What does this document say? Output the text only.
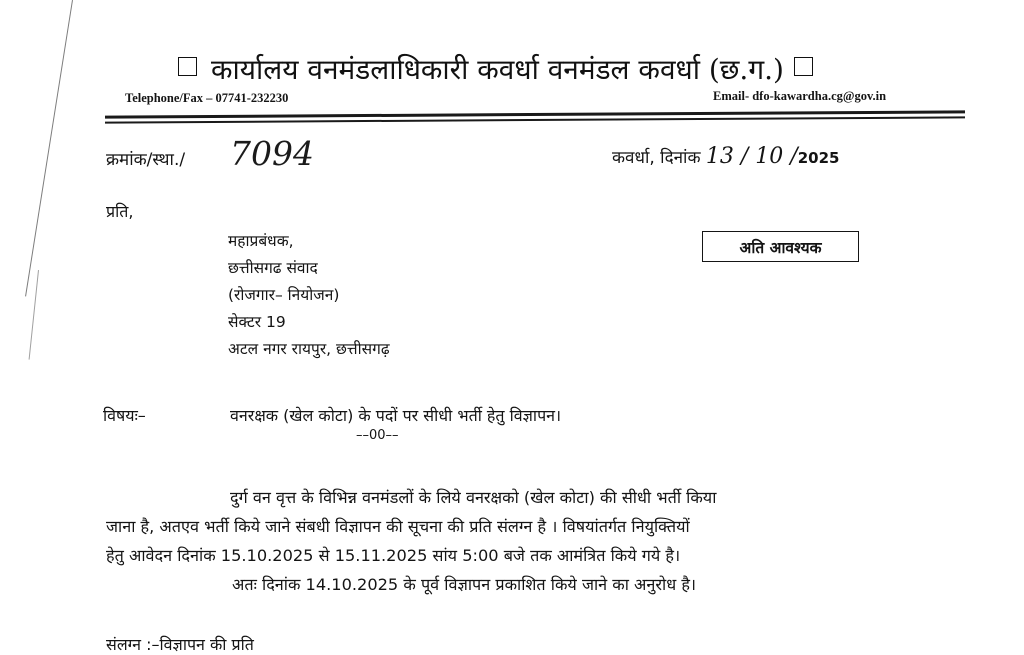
कार्यालय वनमंडलाधिकारी कवर्धा वनमंडल कवर्धा (छ.ग.)
Telephone/Fax – 07741-232230	Email- dfo-kawardha.cg@gov.in
क्रमांक/स्था./ 7094	कवर्धा, दिनांक 13 / 10 /2025
प्रति,
महाप्रबंधक,
छत्तीसगढ संवाद
(रोजगार– नियोजन)
सेक्टर 19
अटल नगर रायपुर, छत्तीसगढ़
अति आवश्यक
विषयः–	वनरक्षक (खेल कोटा) के पदों पर सीधी भर्ती हेतु विज्ञापन।
––00––
दुर्ग वन वृत्त के विभिन्न वनमंडलों के लिये वनरक्षको (खेल कोटा) की सीधी भर्ती किया
जाना है, अतएव भर्ती किये जाने संबधी विज्ञापन की सूचना की प्रति संलग्न है । विषयांतर्गत नियुक्तियों
हेतु आवेदन दिनांक 15.10.2025 से 15.11.2025 सांय 5:00 बजे तक आमंत्रित किये गये है।
अतः दिनांक 14.10.2025 के पूर्व विज्ञापन प्रकाशित किये जाने का अनुरोध है।
संलग्न :–विज्ञापन की प्रति
